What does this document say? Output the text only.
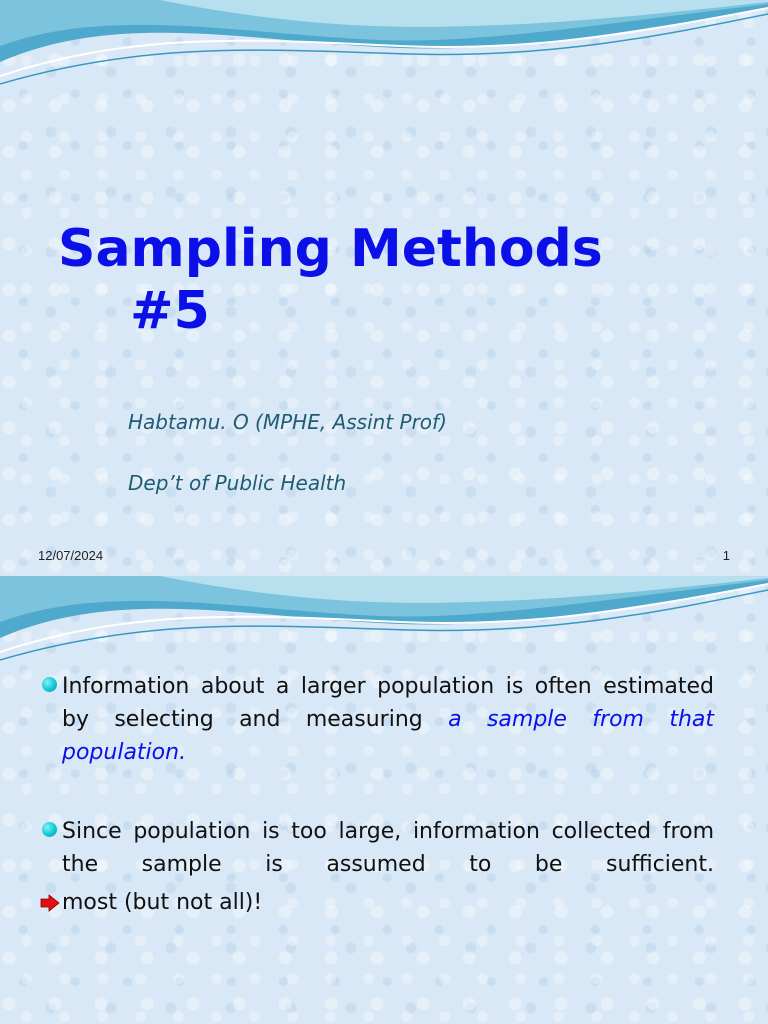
Sampling Methods
#5

Habtamu. O (MPHE, Assint Prof)

Dep’t of Public Health

12/07/2024	1
Information about a larger population is often estimated by selecting and measuring a sample from that population.
Since population is too large, information collected from the sample is assumed to be sufficient.
most (but not all)!
